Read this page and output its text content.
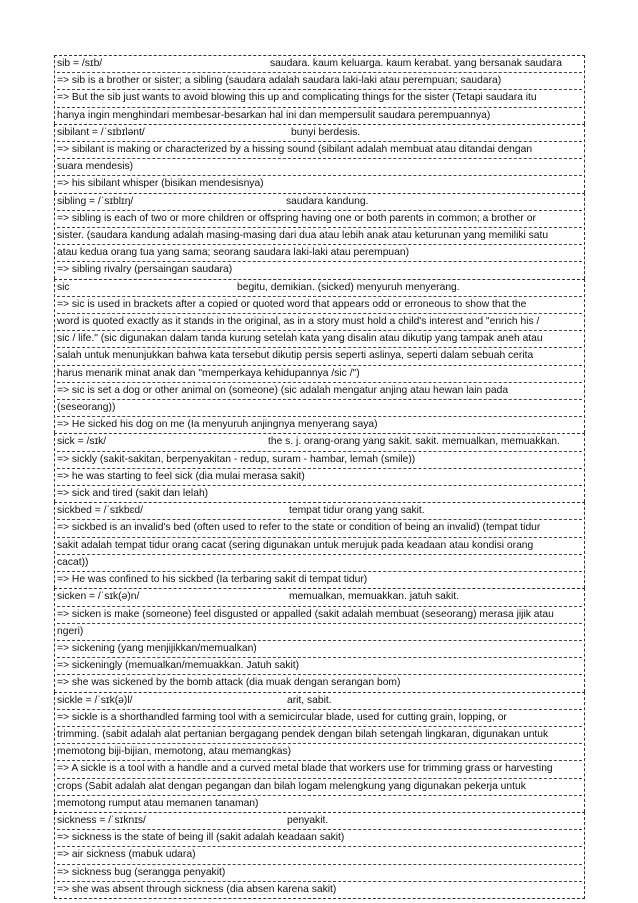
sib = /sɪb/	saudara. kaum keluarga. kaum kerabat. yang bersanak saudara
=> sib is a brother or sister; a sibling (saudara adalah saudara laki-laki atau perempuan; saudara)
=> But the sib just wants to avoid blowing this up and complicating things for the sister (Tetapi saudara itu
hanya ingin menghindari membesar-besarkan hal ini dan mempersulit saudara perempuannya)
sibilant = /ˈsɪbɪlənt/	bunyi berdesis.
=> sibilant is making or characterized by a hissing sound (sibilant adalah membuat atau ditandai dengan
suara mendesis)
=> his sibilant whisper (bisikan mendesisnya)
sibling = /ˈsɪblɪŋ/	saudara kandung.
=> sibling is each of two or more children or offspring having one or both parents in common; a brother or
sister. (saudara kandung adalah masing-masing dari dua atau lebih anak atau keturunan yang memiliki satu
atau kedua orang tua yang sama; seorang saudara laki-laki atau perempuan)
=> sibling rivalry (persaingan saudara)
sic	begitu, demikian. (sicked) menyuruh menyerang.
=> sic is used in brackets after a copied or quoted word that appears odd or erroneous to show that the
word is quoted exactly as it stands in the original, as in a story must hold a child's interest and "enrich his /
sic / life." (sic digunakan dalam tanda kurung setelah kata yang disalin atau dikutip yang tampak aneh atau
salah untuk menunjukkan bahwa kata tersebut dikutip persis seperti aslinya, seperti dalam sebuah cerita
harus menarik minat anak dan "memperkaya kehidupannya /sic /")
=> sic is set a dog or other animal on (someone) (sic adalah mengatur anjing atau hewan lain pada
(seseorang))
=> He sicked his dog on me (Ia menyuruh anjingnya menyerang saya)
sick = /sɪk/	the s. j. orang-orang yang sakit. sakit. memualkan, memuakkan.
=> sickly (sakit-sakitan, berpenyakitan - redup, suram - hambar, lemah (smile))
=> he was starting to feel sick (dia mulai merasa sakit)
=> sick and tired (sakit dan lelah)
sickbed = /ˈsɪkbɛd/	tempat tidur orang yang sakit.
=> sickbed is an invalid's bed (often used to refer to the state or condition of being an invalid) (tempat tidur
sakit adalah tempat tidur orang cacat (sering digunakan untuk merujuk pada keadaan atau kondisi orang
cacat))
=> He was confined to his sickbed (Ia terbaring sakit di tempat tidur)
sicken = /ˈsɪk(ə)n/	memualkan, memuakkan. jatuh sakit.
=> sicken is make (someone) feel disgusted or appalled (sakit adalah membuat (seseorang) merasa jijik atau
ngeri)
=> sickening (yang menjijikkan/memualkan)
=> sickeningly (memualkan/memuakkan. Jatuh sakit)
=> she was sickened by the bomb attack (dia muak dengan serangan bom)
sickle = /ˈsɪk(ə)l/	arit, sabit.
=> sickle is a shorthandled farming tool with a semicircular blade, used for cutting grain, lopping, or
trimming. (sabit adalah alat pertanian bergagang pendek dengan bilah setengah lingkaran, digunakan untuk
memotong biji-bijian, memotong, atau memangkas)
=> A sickle is a tool with a handle and a curved metal blade that workers use for trimming grass or harvesting
crops (Sabit adalah alat dengan pegangan dan bilah logam melengkung yang digunakan pekerja untuk
memotong rumput atau memanen tanaman)
sickness = /ˈsɪknɪs/	penyakit.
=> sickness is the state of being ill (sakit adalah keadaan sakit)
=> air sickness (mabuk udara)
=> sickness bug (serangga penyakit)
=> she was absent through sickness (dia absen karena sakit)
